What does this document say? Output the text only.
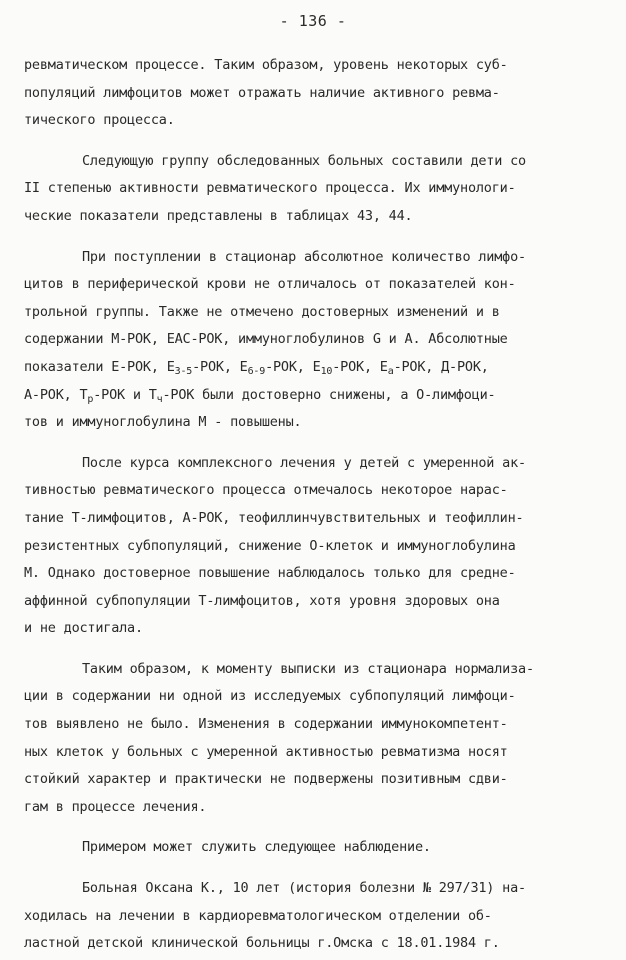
- 136 -
ревматическом процессе. Таким образом, уровень некоторых суб-
популяций лимфоцитов может отражать наличие активного ревма-
тического процесса.
Следующую группу обследованных больных составили дети со
II степенью активности ревматического процесса. Их иммунологи-
ческие показатели представлены в таблицах 43, 44.
При поступлении в стационар абсолютное количество лимфо-
цитов в периферической крови не отличалось от показателей кон-
трольной группы. Также не отмечено достоверных изменений и в
содержании М-РОК, ЕАС-РОК, иммуноглобулинов G и А. Абсолютные
показатели Е-РОК, $Е_{3-5}$-РОК, $Е_{6-9}$-РОК, $Е_{10}$-РОК, $Е_а$-РОК, Д-РОК,
А-РОК, $Т_р$-РОК и $Т_ч$-РОК были достоверно снижены, а О-лимфоци-
тов и иммуноглобулина М - повышены.
После курса комплексного лечения у детей с умеренной ак-
тивностью ревматического процесса отмечалось некоторое нарас-
тание Т-лимфоцитов, А-РОК, теофиллинчувствительных и теофиллин-
резистентных субпопуляций, снижение О-клеток и иммуноглобулина
М. Однако достоверное повышение наблюдалось только для средне-
аффинной субпопуляции Т-лимфоцитов, хотя уровня здоровых она
и не достигала.
Таким образом, к моменту выписки из стационара нормализа-
ции в содержании ни одной из исследуемых субпопуляций лимфоци-
тов выявлено не было. Изменения в содержании иммунокомпетент-
ных клеток у больных с умеренной активностью ревматизма носят
стойкий характер и практически не подвержены позитивным сдви-
гам в процессе лечения.
Примером может служить следующее наблюдение.
Больная Оксана К., 10 лет (история болезни № 297/31) на-
ходилась на лечении в кардиоревматологическом отделении об-
ластной детской клинической больницы г.Омска с 18.01.1984 г.
